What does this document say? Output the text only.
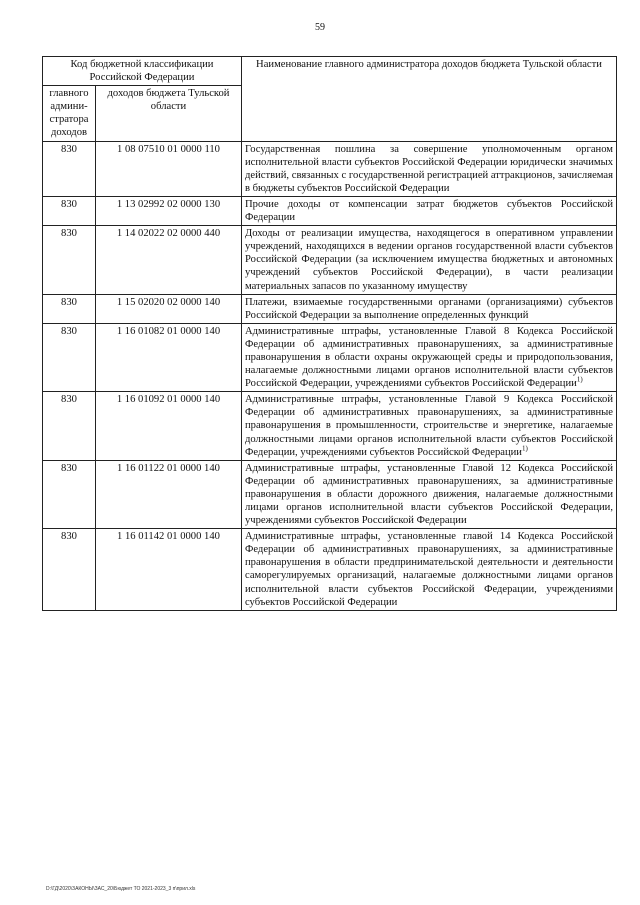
59
Код бюджетной классификации Российской Федерации		Наименование главного администратора доходов бюджета Тульской области
главного админи-стратора доходов	доходов бюджета Тульской области	
830	1 08 07510 01 0000 110	Государственная пошлина за совершение уполномоченным органом исполнительной власти субъектов Российской Федерации юридически значимых действий, связанных с государственной регистрацией аттракционов, зачисляемая в бюджеты субъектов Российской Федерации
830	1 13 02992 02 0000 130	Прочие доходы от компенсации затрат бюджетов субъектов Российской Федерации
830	1 14 02022 02 0000 440	Доходы от реализации имущества, находящегося в оперативном управлении учреждений, находящихся в ведении органов государственной власти субъектов Российской Федерации (за исключением имущества бюджетных и автономных учреждений субъектов Российской Федерации), в части реализации материальных запасов по указанному имуществу
830	1 15 02020 02 0000 140	Платежи, взимаемые государственными органами (организациями) субъектов Российской Федерации за выполнение определенных функций
830	1 16 01082 01 0000 140	Административные штрафы, установленные Главой 8 Кодекса Российской Федерации об административных правонарушениях, за административные правонарушения в области охраны окружающей среды и природопользования, налагаемые должностными лицами органов исполнительной власти субъектов Российской Федерации, учреждениями субъектов Российской Федерации$^{1)}$
830	1 16 01092 01 0000 140	Административные штрафы, установленные Главой 9 Кодекса Российской Федерации об административных правонарушениях, за административные правонарушения в промышленности, строительстве и энергетике, налагаемые должностными лицами органов исполнительной власти субъектов Российской Федерации, учреждениями субъектов Российской Федерации$^{1)}$
830	1 16 01122 01 0000 140	Административные штрафы, установленные Главой 12 Кодекса Российской Федерации об административных правонарушениях, за административные правонарушения в области дорожного движения, налагаемые должностными лицами органов исполнительной власти субъектов Российской Федерации, учреждениями субъектов Российской Федерации
830	1 16 01142 01 0000 140	Административные штрафы, установленные главой 14 Кодекса Российской Федерации об административных правонарушениях, за административные правонарушения в области предпринимательской деятельности и деятельности саморегулируемых организаций, налагаемые должностными лицами органов исполнительной власти субъектов Российской Федерации, учреждениями субъектов Российской Федерации
D:\ГД\2020\ЗАКОНЫ\ЗАС_20\Бюджет ТО 2021-2023_3 п\прил.xls
